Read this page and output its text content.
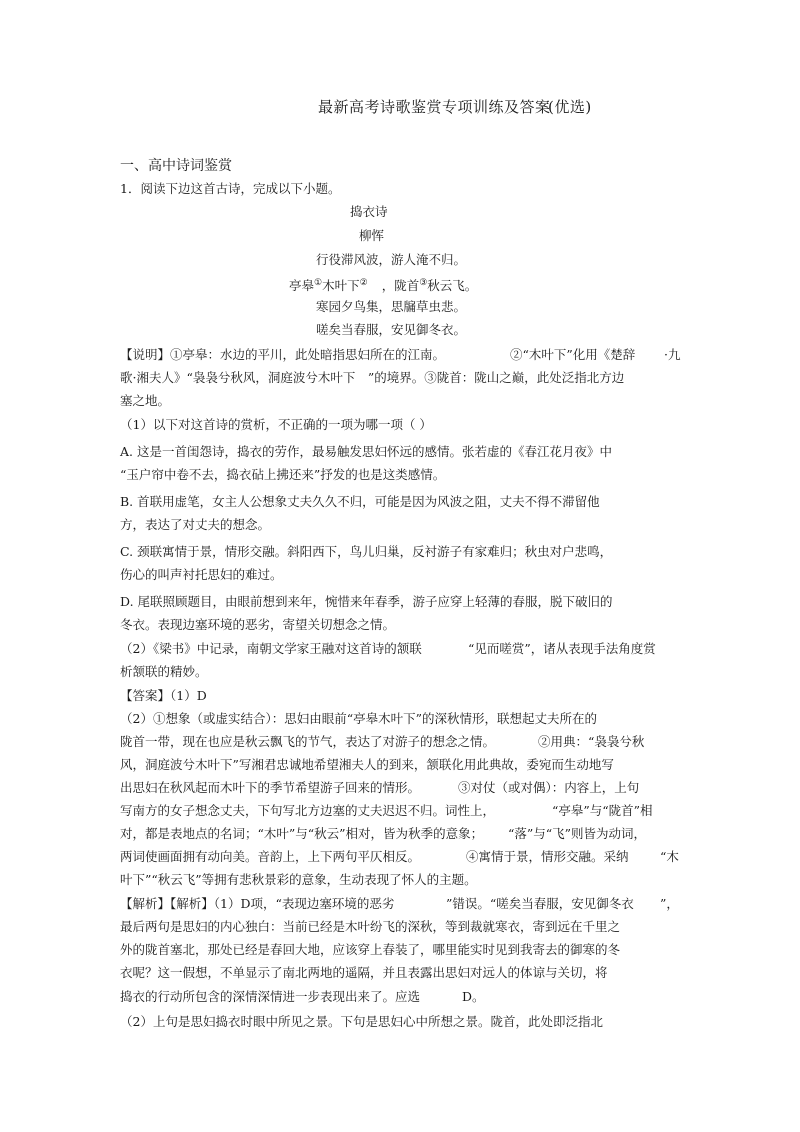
最新高考诗歌鉴赏专项训练及答案
(优选)
一、高中诗词鉴赏
1．阅读下边这首古诗，完成以下小题。
捣衣诗
柳恽
行役滞风波，游人淹不归。
亭皋①木叶下② ，陇首③秋云飞。
寒园夕鸟集，思牖草虫悲。
嗟矣当春服，安见御冬衣。
【说明】①亭皋：水边的平川，此处暗指思妇所在的江南。	②“木叶下”化用《楚辞 ·九
歌·湘夫人》“袅袅兮秋风，洞庭波兮木叶下　”的境界。③陇首：陇山之巅，此处泛指北方边
塞之地。
（1）以下对这首诗的赏析，不正确的一项为哪一项（ ）
A. 这是一首闺怨诗，捣衣的劳作，最易触发思妇怀远的感情。张若虚的《春江花月夜》中
“玉户帘中卷不去，捣衣砧上拂还来”抒发的也是这类感情。
B. 首联用虚笔，女主人公想象丈夫久久不归，可能是因为风波之阻，丈夫不得不滞留他
方，表达了对丈夫的想念。
C. 颈联寓情于景，情形交融。斜阳西下，鸟儿归巢，反衬游子有家难归；秋虫对户悲鸣，
伤心的叫声衬托思妇的难过。
D. 尾联照顾题目，由眼前想到来年，惋惜来年春季，游子应穿上轻薄的春服，脱下破旧的
冬衣。表现边塞环境的恶劣，寄望关切想念之情。
（2）《梁书》中记录，南朝文学家王融对这首诗的颔联	“见而嗟赏”，诸从表现手法角度赏
析颔联的精妙。
【答案】（1）D
（2）①想象（或虚实结合）：思妇由眼前“亭皋木叶下”的深秋情形，联想起丈夫所在的
陇首一带，现在也应是秋云飘飞的节气，表达了对游子的想念之情。	②用典：“袅袅兮秋
风，洞庭波兮木叶下”写湘君忠诚地希望湘夫人的到来，颔联化用此典故，委宛而生动地写
出思妇在秋风起而木叶下的季节希望游子回来的情形。	③对仗（或对偶）：内容上，上句
写南方的女子想念丈夫，下句写北方边塞的丈夫迟迟不归。词性上，	“亭皋”与“陇首”相
对，都是表地点的名词；“木叶”与“秋云”相对，皆为秋季的意象； “落”与“飞”则皆为动词，
两词使画面拥有动向美。音韵上，上下两句平仄相反。	④寓情于景，情形交融。采纳	“木
叶下”“秋云飞”等拥有悲秋景彩的意象，生动表现了怀人的主题。
【解析】【解析】（1）D项，“表现边塞环境的恶劣	”错误。“嗟矣当春服，安见御冬衣 ”，
最后两句是思妇的内心独白：当前已经是木叶纷飞的深秋，等到裁就寒衣，寄到远在千里之
外的陇首塞北，那处已经是春回大地，应该穿上春装了，哪里能实时见到我寄去的御寒的冬
衣呢？这一假想，不单显示了南北两地的遥隔，并且表露出思妇对远人的体谅与关切，将
捣衣的行动所包含的深情深情进一步表现出来了。应选	D。
（2）上句是思妇捣衣时眼中所见之景。下句是思妇心中所想之景。陇首，此处即泛指北
